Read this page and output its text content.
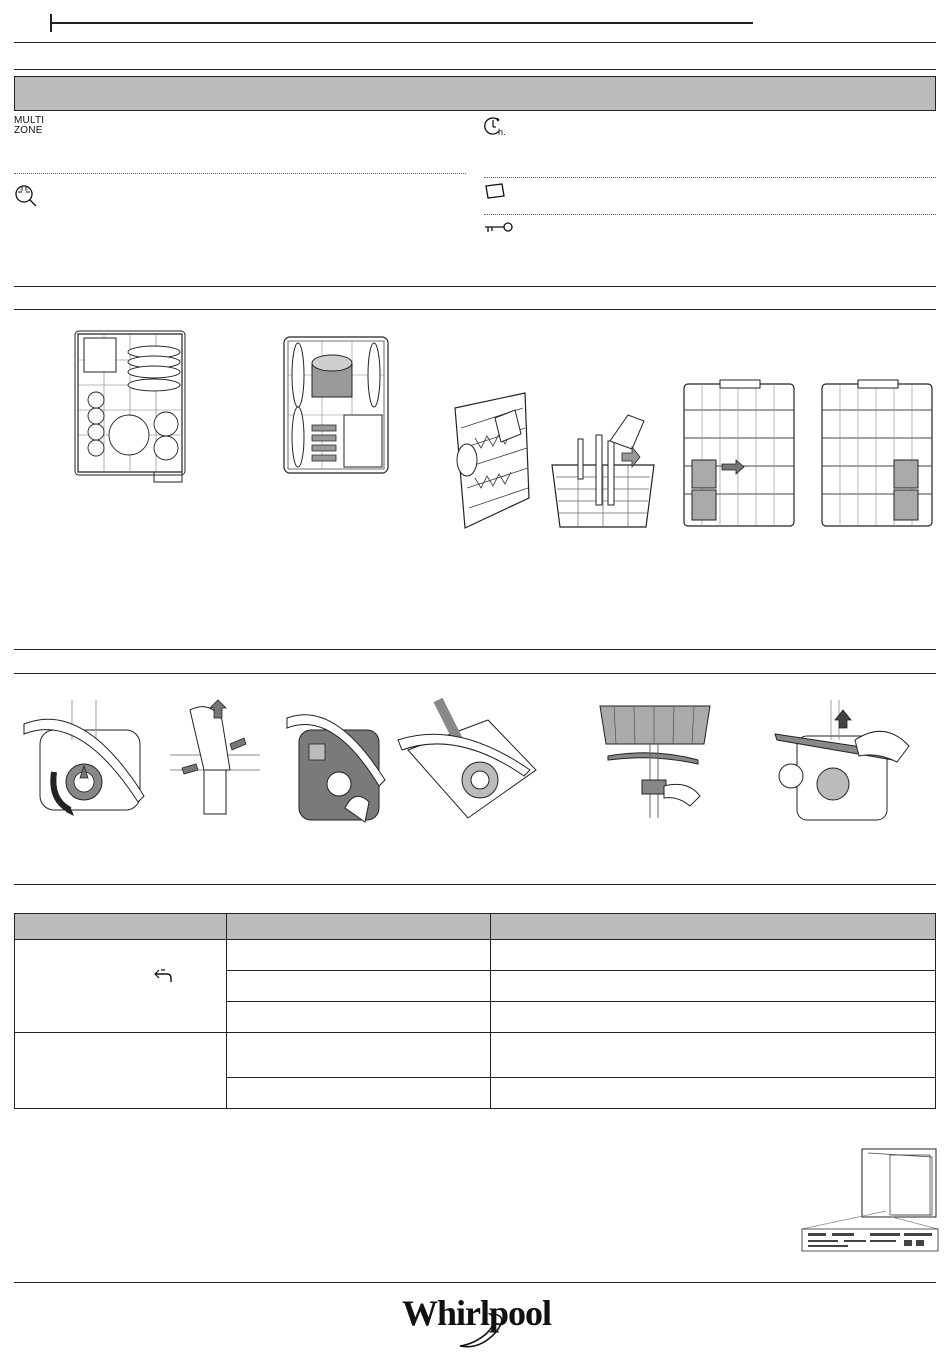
MULTI
ZONE	h.

Whirlpool
